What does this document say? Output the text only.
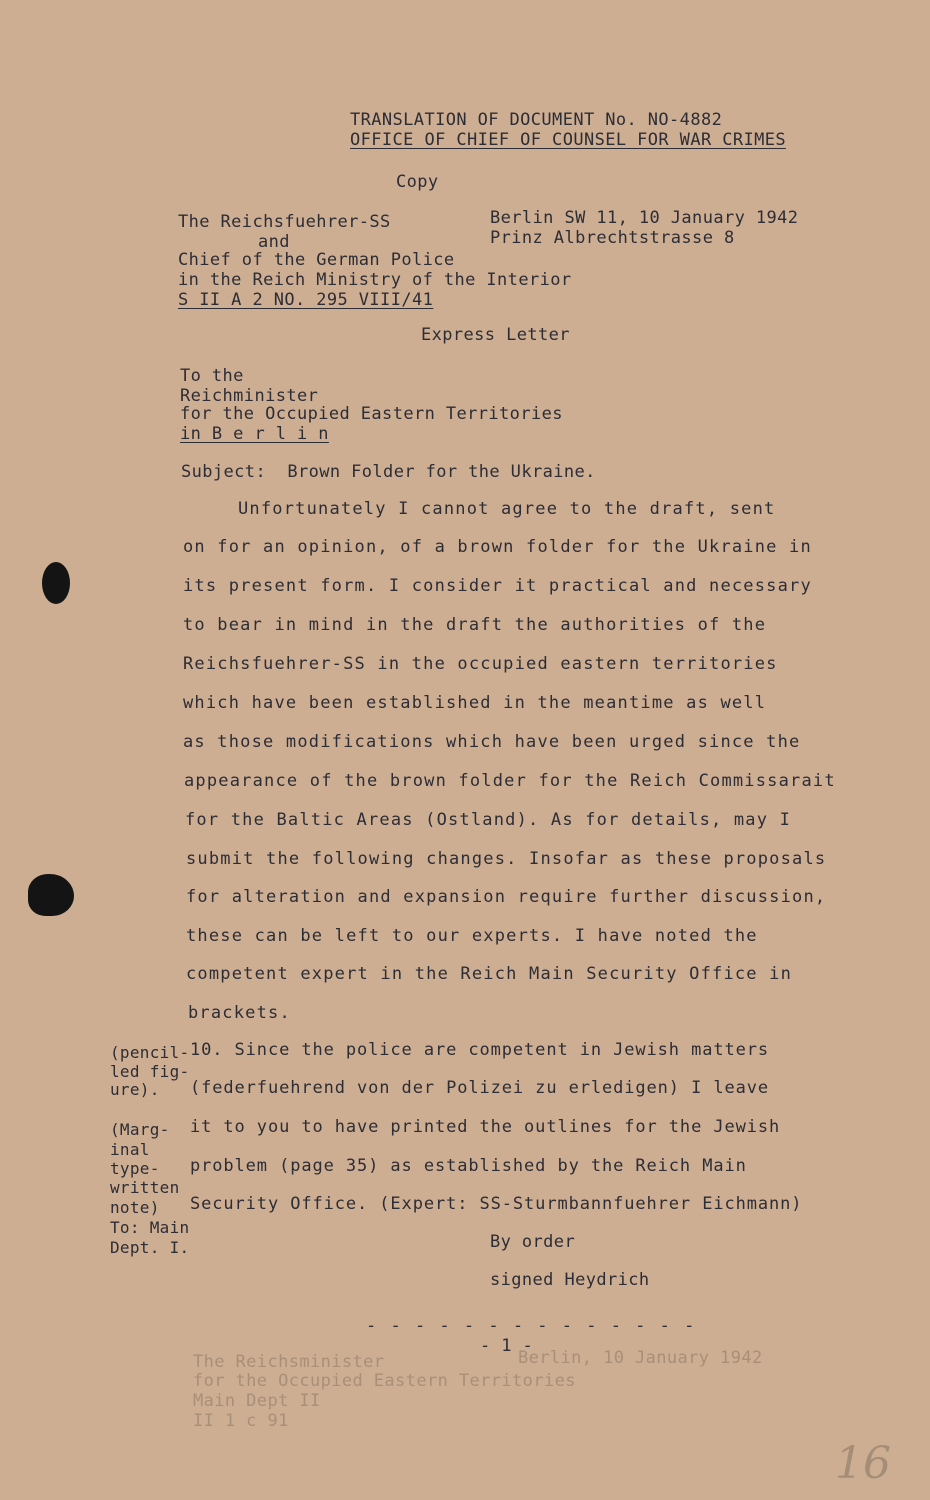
TRANSLATION OF DOCUMENT No. NO-4882
OFFICE OF CHIEF OF COUNSEL FOR WAR CRIMES
Copy
The Reichsfuehrer-SS
and
Chief of the German Police
in the Reich Ministry of the Interior
S II A 2 NO. 295 VIII/41
Berlin SW 11, 10 January 1942
Prinz Albrechtstrasse 8
Express Letter
To the
Reichminister
for the Occupied Eastern Territories
in B e r l i n
Subject:  Brown Folder for the Ukraine.
Unfortunately I cannot agree to the draft, sent
on for an opinion, of a brown folder for the Ukraine in
its present form. I consider it practical and necessary
to bear in mind in the draft the authorities of the
Reichsfuehrer-SS in the occupied eastern territories
which have been established in the meantime as well
as those modifications which have been urged since the
appearance of the brown folder for the Reich Commissarait
for the Baltic Areas (Ostland). As for details, may I
submit the following changes. Insofar as these proposals
for alteration and expansion require further discussion,
these can be left to our experts. I have noted the
competent expert in the Reich Main Security Office in
brackets.
(pencil-
led fig-
ure).
(Marg-
inal
type-
written
note)
To: Main
Dept. I.
10. Since the police are competent in Jewish matters
(federfuehrend von der Polizei zu erledigen) I leave
it to you to have printed the outlines for the Jewish
problem (page 35) as established by the Reich Main
Security Office. (Expert: SS-Sturmbannfuehrer Eichmann)
By order
signed Heydrich
- - - - - - - - - - - - - -
- 1 -
The Reichsminister
for the Occupied Eastern Territories
Main Dept II
II 1 c 91
Berlin, 10 January 1942
16
